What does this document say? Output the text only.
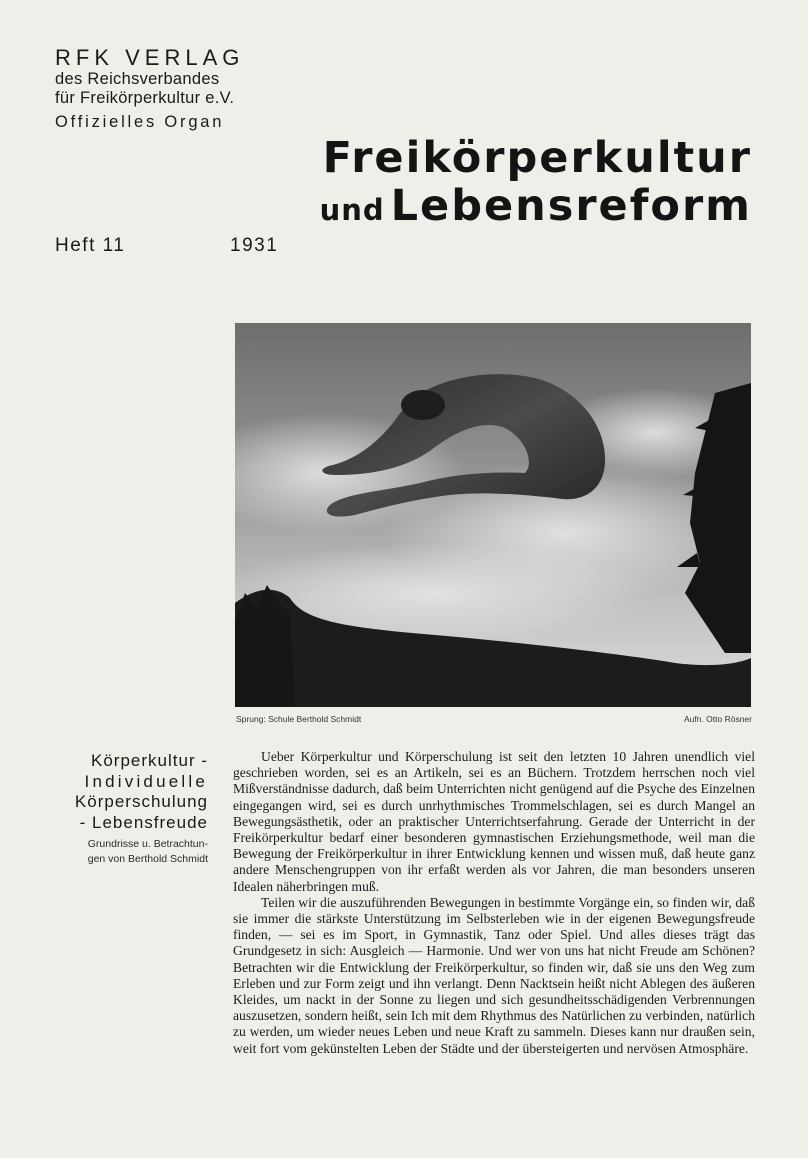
RFK VERLAG
des Reichsverbandes
für Freikörperkultur e.V.
Offizielles Organ
Freikörperkultur
und Lebensreform
Heft 11	1931
Sprung: Schule Berthold Schmidt	Aufn. Otto Rösner
Körperkultur -
Individuelle
Körperschulung
- Lebensfreude
Grundrisse u. Betrachtun-
gen von Berthold Schmidt

Ueber Körperkultur und Körperschulung ist seit den letzten 10 Jahren unendlich viel geschrieben worden, sei es an Artikeln, sei es an Büchern. Trotzdem herrschen noch viel Mißverständnisse dadurch, daß beim Unterrichten nicht genügend auf die Psyche des Einzelnen eingegangen wird, sei es durch unrhythmisches Trommelschlagen, sei es durch Mangel an Bewegungsästhetik, oder an praktischer Unterrichtserfahrung. Gerade der Unterricht in der Freikörperkultur bedarf einer besonderen gymnastischen Erziehungsmethode, weil man die Bewegung der Freikörperkultur in ihrer Entwicklung kennen und wissen muß, daß heute ganz andere Menschengruppen von ihr erfaßt werden als vor Jahren, die man besonders unseren Idealen näherbringen muß.

Teilen wir die auszuführenden Bewegungen in bestimmte Vorgänge ein, so finden wir, daß sie immer die stärkste Unterstützung im Selbsterleben wie in der eigenen Bewegungsfreude finden, — sei es im Sport, in Gymnastik, Tanz oder Spiel. Und alles dieses trägt das Grundgesetz in sich: Ausgleich — Harmonie. Und wer von uns hat nicht Freude am Schönen? Betrachten wir die Entwicklung der Freikörperkultur, so finden wir, daß sie uns den Weg zum Erleben und zur Form zeigt und ihn verlangt. Denn Nacktsein heißt nicht Ablegen des äußeren Kleides, um nackt in der Sonne zu liegen und sich gesundheitsschädigenden Verbrennungen auszusetzen, sondern heißt, sein Ich mit dem Rhythmus des Natürlichen zu verbinden, natürlich zu werden, um wieder neues Leben und neue Kraft zu sammeln. Dieses kann nur draußen sein, weit fort vom gekünstelten Leben der Städte und der übersteigerten und nervösen Atmosphäre.
